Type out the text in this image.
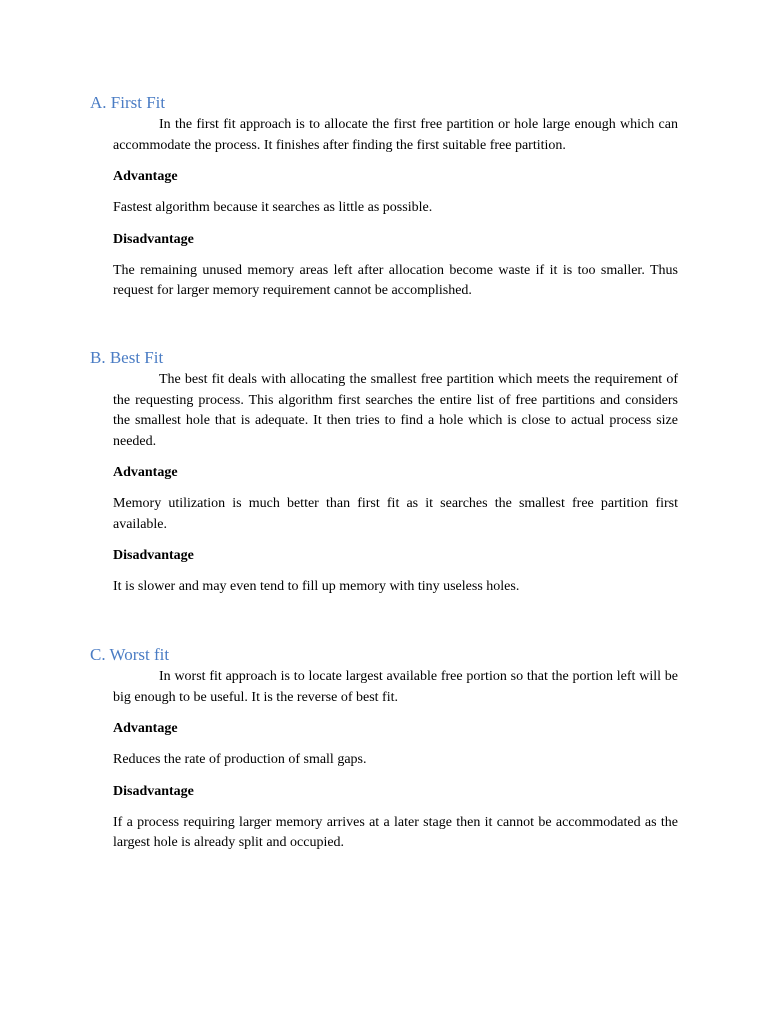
A. First Fit

In the first fit approach is to allocate the first free partition or hole large enough which can accommodate the process. It finishes after finding the first suitable free partition.

Advantage

Fastest algorithm because it searches as little as possible.

Disadvantage

The remaining unused memory areas left after allocation become waste if it is too smaller. Thus request for larger memory requirement cannot be accomplished.

B. Best Fit

The best fit deals with allocating the smallest free partition which meets the requirement of the requesting process. This algorithm first searches the entire list of free partitions and considers the smallest hole that is adequate. It then tries to find a hole which is close to actual process size needed.

Advantage

Memory utilization is much better than first fit as it searches the smallest free partition first available.

Disadvantage

It is slower and may even tend to fill up memory with tiny useless holes.

C. Worst fit

In worst fit approach is to locate largest available free portion so that the portion left will be big enough to be useful. It is the reverse of best fit.

Advantage

Reduces the rate of production of small gaps.

Disadvantage

If a process requiring larger memory arrives at a later stage then it cannot be accommodated as the largest hole is already split and occupied.
